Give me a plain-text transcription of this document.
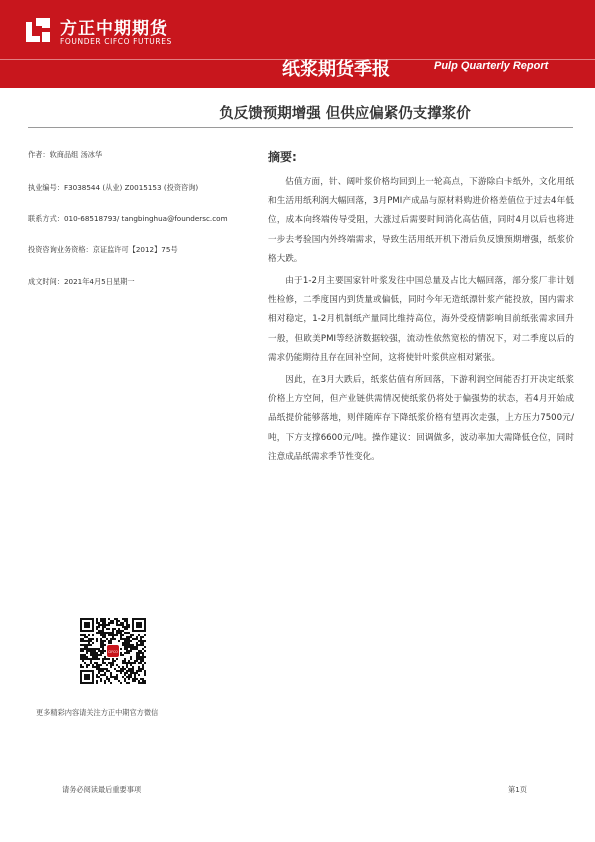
方正中期期货
FOUNDER CIFCO FUTURES
纸浆期货季报	Pulp Quarterly Report
负反馈预期增强 但供应偏紧仍支撑浆价
作者：软商品组 汤冰华
执业编号：F3038544 (从业) Z0015153 (投资咨询)
联系方式：010-68518793/ tangbinghua@foundersc.com
投资咨询业务资格：京证监许可【2012】75号
成文时间：2021年4月5日星期一
摘要:

估值方面，针、阔叶浆价格均回到上一轮高点，下游除白卡纸外，文化用纸和生活用纸利润大幅回落，3月PMI产成品与原材料购进价格差值位于过去4年低位，成本向终端传导受阻，大涨过后需要时间消化高估值，同时4月以后也将进一步去考验国内外终端需求，导致生活用纸开机下滑后负反馈预期增强，纸浆价格大跌。

由于1-2月主要国家针叶浆发往中国总量及占比大幅回落，部分浆厂非计划性检修，二季度国内到货量或偏低，同时今年无造纸漂针浆产能投放，国内需求相对稳定，1-2月机制纸产量同比维持高位，海外受疫情影响目前纸张需求回升一般，但欧美PMI等经济数据较强，流动性依然宽松的情况下，对二季度以后的需求仍能期待且存在回补空间，这将使针叶浆供应相对紧张。

因此，在3月大跌后，纸浆估值有所回落，下游利润空间能否打开决定纸浆价格上方空间，但产业链供需情况使纸浆仍将处于偏强势的状态，若4月开始成品纸提价能够落地，则伴随库存下降纸浆价格有望再次走强，上方压力7500元/吨，下方支撑6600元/吨。操作建议：回调做多，波动率加大需降低仓位，同时注意成品纸需求季节性变化。

CIFCO
更多精彩内容请关注方正中期官方微信
请务必阅读最后重要事项	第1页
